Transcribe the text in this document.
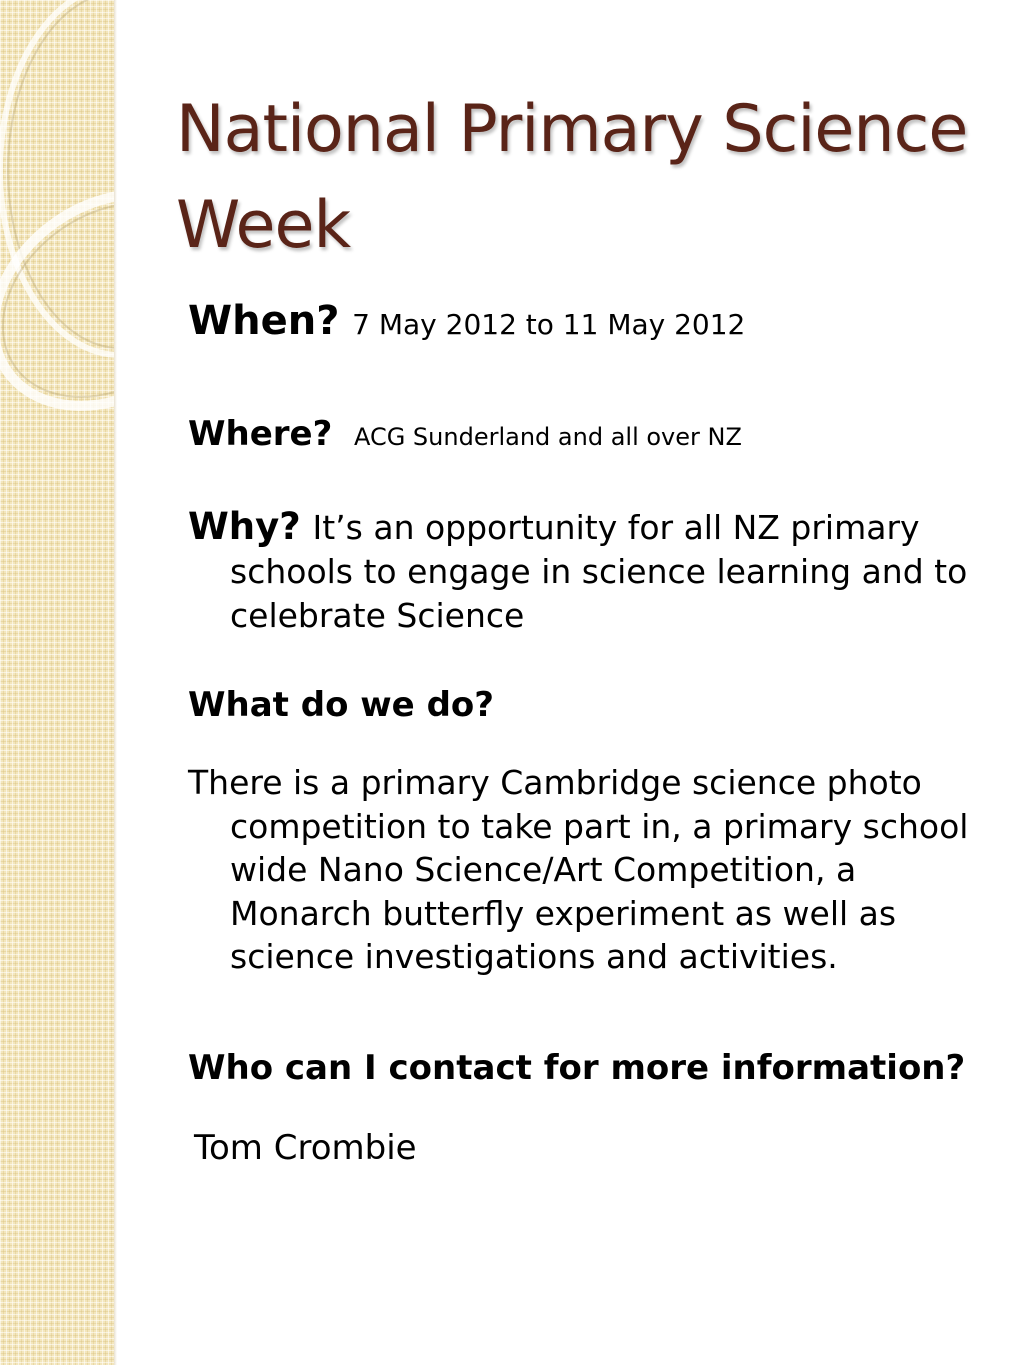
National Primary Science Week

When? 7 May 2012 to 11 May 2012

Where? ACG Sunderland and all over NZ

Why? It’s an opportunity for all NZ primary schools to engage in science learning and to celebrate Science

What do we do?

There is a primary Cambridge science photo competition to take part in, a primary school wide Nano Science/Art Competition, a Monarch butterfly experiment as well as science investigations and activities.

Who can I contact for more information?

Tom Crombie
